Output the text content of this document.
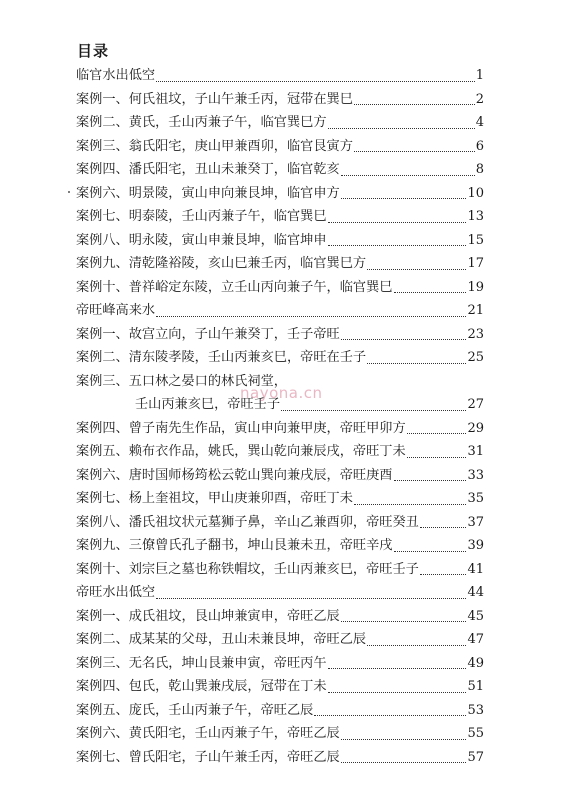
目录
临官水出低空	1
案例一、何氏祖坟，子山午兼壬丙，冠带在巽巳	2
案例二、黄氏，壬山丙兼子午，临官巽巳方	4
案例三、翁氏阳宅，庚山甲兼酉卯，临官艮寅方	6
案例四、潘氏阳宅，丑山未兼癸丁，临官乾亥	8
案例六、明景陵，寅山申向兼艮坤，临官申方	10
案例七、明泰陵，壬山丙兼子午，临官巽巳	13
案例八、明永陵，寅山申兼艮坤，临官坤申	15
案例九、清乾隆裕陵，亥山巳兼壬丙，临官巽巳方	17
案例十、普祥峪定东陵，立壬山丙向兼子午，临官巽巳	19
帝旺峰高来水	21
案例一、故宫立向，子山午兼癸丁，壬子帝旺	23
案例二、清东陵孝陵，壬山丙兼亥巳，帝旺在壬子	25
案例三、五口林之晏口的林氏祠堂，
壬山丙兼亥巳，帝旺壬子	27
案例四、曾子南先生作品，寅山申向兼甲庚，帝旺甲卯方	29
案例五、赖布衣作品，姚氏，巽山乾向兼辰戌，帝旺丁未	31
案例六、唐时国师杨筠松云乾山巽向兼戌辰，帝旺庚酉	33
案例七、杨上奎祖坟，甲山庚兼卯酉，帝旺丁未	35
案例八、潘氏祖坟状元墓狮子鼻，辛山乙兼酉卯，帝旺癸丑	37
案例九、三僚曾氏孔子翻书，坤山艮兼未丑，帝旺辛戌	39
案例十、刘宗巨之墓也称铁帽坟，壬山丙兼亥巳，帝旺壬子	41
帝旺水出低空	44
案例一、成氏祖坟，艮山坤兼寅申，帝旺乙辰	45
案例二、成某某的父母，丑山未兼艮坤，帝旺乙辰	47
案例三、无名氏，坤山艮兼申寅，帝旺丙午	49
案例四、包氏，乾山巽兼戌辰，冠带在丁未	51
案例五、庞氏，壬山丙兼子午，帝旺乙辰	53
案例六、黄氏阳宅，壬山丙兼子午，帝旺乙辰	55
案例七、曾氏阳宅，子山午兼壬丙，帝旺乙辰	57
nayona.cn
